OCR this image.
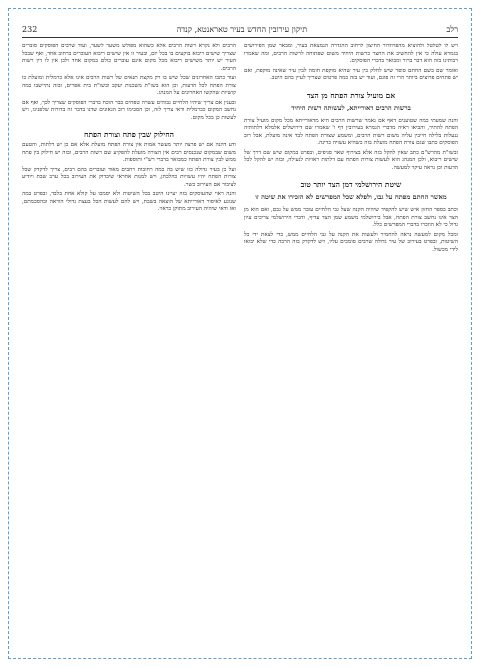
רלב
תיקון עירובין החדש בעיר טאראנטא, קנדה
232

ויש לו לטלטל ולהוציא מהפרוזדור החיצון לרחוב ההגדרה הנמצאת בעיר, ומבאר שמן הפירושים בגמרא עולה כי אין להחשיב את החצר כרשות היחיד משום שפתוחה לרשות הרבים, ומה שאמרו רבותינו בזה הוא דבר ברור ומבואר בדברי הפוסקים.

ואומר שם בשם החתם סופר שיש לחלק בין עיר שהיא מוקפת חומה לבין עיר שאינה מוקפת, ואם יש פתחים פרוצים ביותר הרי זה פוגם, ועוד יש בזה כמה פרטים שצריך לעיין בהם היטב.

אם מועיל צורת הפתח מן הצד
ברשות הרבים דאורייתא, לעשותה רשות היחיד

והנה שמעתי כמה שטוענים דאף אם נאמר שרשות הרבים היא מדאורייתא מכל מקום מועיל צורת הפתח להתיר, והביאו ראיה מדברי הגמרא בעירובין דף ו' שאמרו שם דירושלים אלמלא דלתותיה ננעלות בלילה חייבין עליה משום רשות הרבים, ומשמע שצורת הפתח לבד אינה מועלת, אבל רוב הפוסקים כתבו שגם צורת הפתח מועלת בזה כשהיא עשויה כדינה.

ובשו"ת מהרש"ם כתב שאין להקל בזה אלא בצירוף שאר סניפים, ובפרט במקום שיש שם דרך של שישים ריבוא, ולכן המנהג הוא לעשות צורות הפתח עם דלתות ראויות לנעילה, ובזה יש להקל לכל הדעות וכן נראה עיקר למעשה.

שיטת הירושלמי דמן הצד יותר טוב
מאשר החתם מפתח על גבו, ולפלא שכל המפרשים לא הזכירו את שיטה זו

וכתב בספר החזון איש שיש להקפיד שיהיה הקנה שעל גבי הלחיים עובר ממש על גבם, ואם הוא מן הצד אינו נחשב צורת הפתח, אבל בירושלמי משמע שמן הצד עדיף, ודברי הירושלמי צריכים עיון גדול כי לא הוזכרו בדברי המפרשים כלל.

ומכל מקום למעשה נראה להחמיר ולעשות את הקנה על גבי הלחיים ממש, כדי לצאת ידי כל השיטות, ובפרט בעירוב של עיר גדולה שרבים סומכים עליו, ויש לדקדק בזה הרבה כדי שלא יבואו לידי מכשול.

הרבים ולא נקרא רשות הרבים אלא כשהוא מפולש משער לשער, ועוד שרבים הפוסקים סוברים שצריך שישים ריבוא בוקעים בו בכל יום, ובעיר זו אין שישים ריבוא העוברים ברחוב אחד, ואף שבכל העיר יש יותר משישים ריבוא מכל מקום אינם עוברים כולם במקום אחד ולכן אין לו דין רשות הרבים.

ועוד כתבו האחרונים שכל שיש בו רק מקצת תנאים של רשות הרבים אינו אלא כרמלית ומועלת בו צורת הפתח לכל הדעות, וכן הוא בשו"ת משכנות יעקב ובשו"ת בית אפרים, ובזה נתיישבו כמה קושיות שהקשו האחרונים על המנהג.

ובענין אם צריך שיהיו הלחיים גבוהים עשרה טפחים כבר הוכח בדברי הפוסקים שצריך לכך, ואף אם נחשב המקום ככרמלית ודאי צריך לזה, וכן הסכימו רוב הגאונים שדנו בדבר זה בדורות שלפנינו, ויש לעשות כן בכל מקום.

החילוק שבין פתח וצורת הפתח

ודע דהנה אם יש פרצה יותר מעשר אמות אין צורת הפתח מועלת אלא אם כן יש דלתות, והטעם משום שבמקום שנכנסים רבים אין הצורה מועלת להפקיע שם רשות הרבים, ובזה יש חילוק בין פתח ממש לבין צורת הפתח כמבואר בדברי רש"י ותוספות.

ועל כן בעיר גדולה כזו שיש בה כמה רחובות רחבים מאוד ועוברים בהם רבים, צריך לדקדק שכל צורות הפתח יהיו עשויות כהלכתן, ויש למנות אחראי שיבדוק את העירוב בכל ערב שבת ויודיע לציבור אם העירוב כשר.

והנה ראוי שהעוסקים בזה יעיינו היטב בכל השיטות ולא יסמכו על קולא אחת בלבד, ובפרט במה שנוגע לאיסור דאורייתא של הוצאה בשבת, ויש להם לעשות הכל בעצת גדולי הוראה ובהסכמתם, ואז ודאי שיהיה העירוב מתוקן כראוי.
